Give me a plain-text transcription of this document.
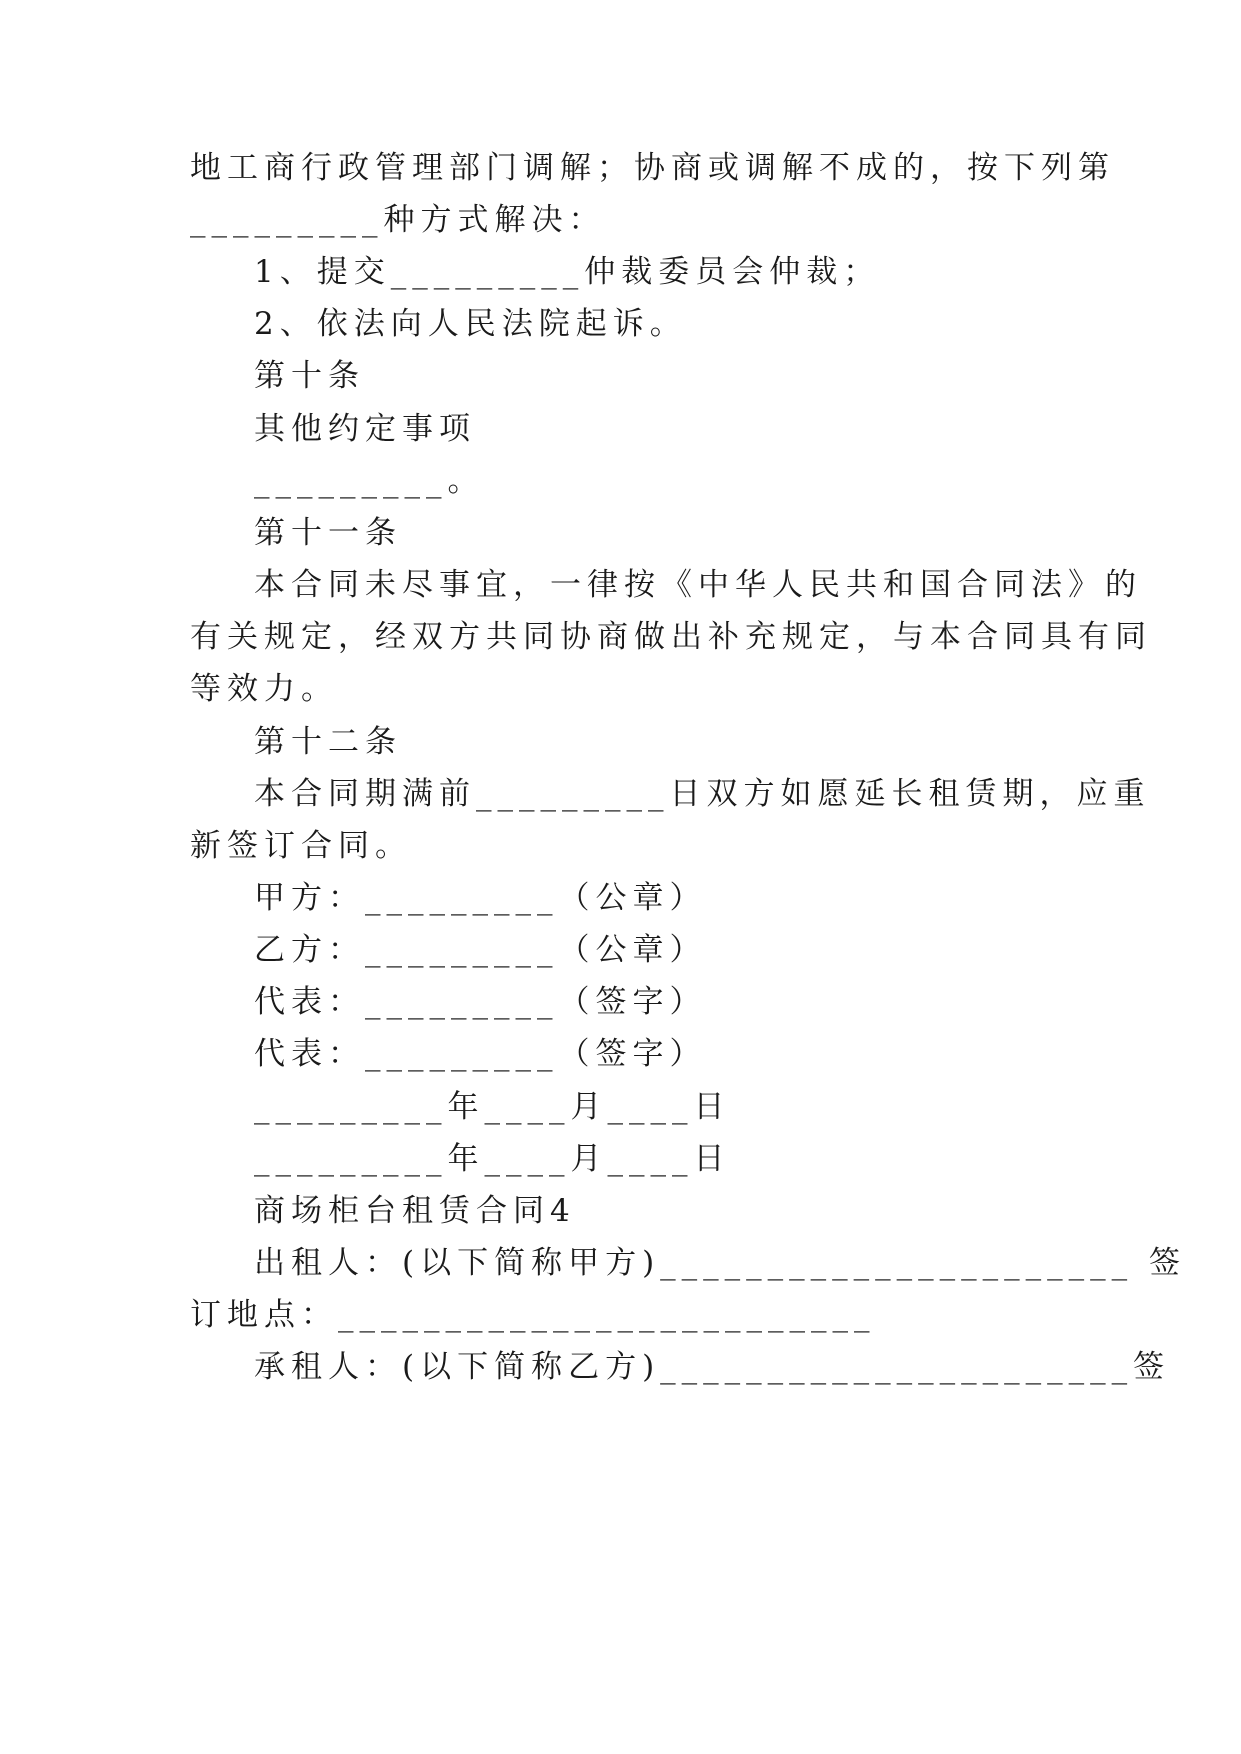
地工商行政管理部门调解；协商或调解不成的，按下列第
_________种方式解决：
1、提交_________仲裁委员会仲裁；
2、依法向人民法院起诉。
第十条
其他约定事项
_________。
第十一条
本合同未尽事宜，一律按《中华人民共和国合同法》的
有关规定，经双方共同协商做出补充规定，与本合同具有同
等效力。
第十二条
本合同期满前_________日双方如愿延长租赁期，应重
新签订合同。
甲方：_________（公章）
乙方：_________（公章）
代表：_________（签字）
代表：_________（签字）
_________年____月____日
_________年____月____日
商场柜台租赁合同4
出租人：(以下简称甲方)______________________ 签
订地点：_________________________
承租人：(以下简称乙方)______________________签
